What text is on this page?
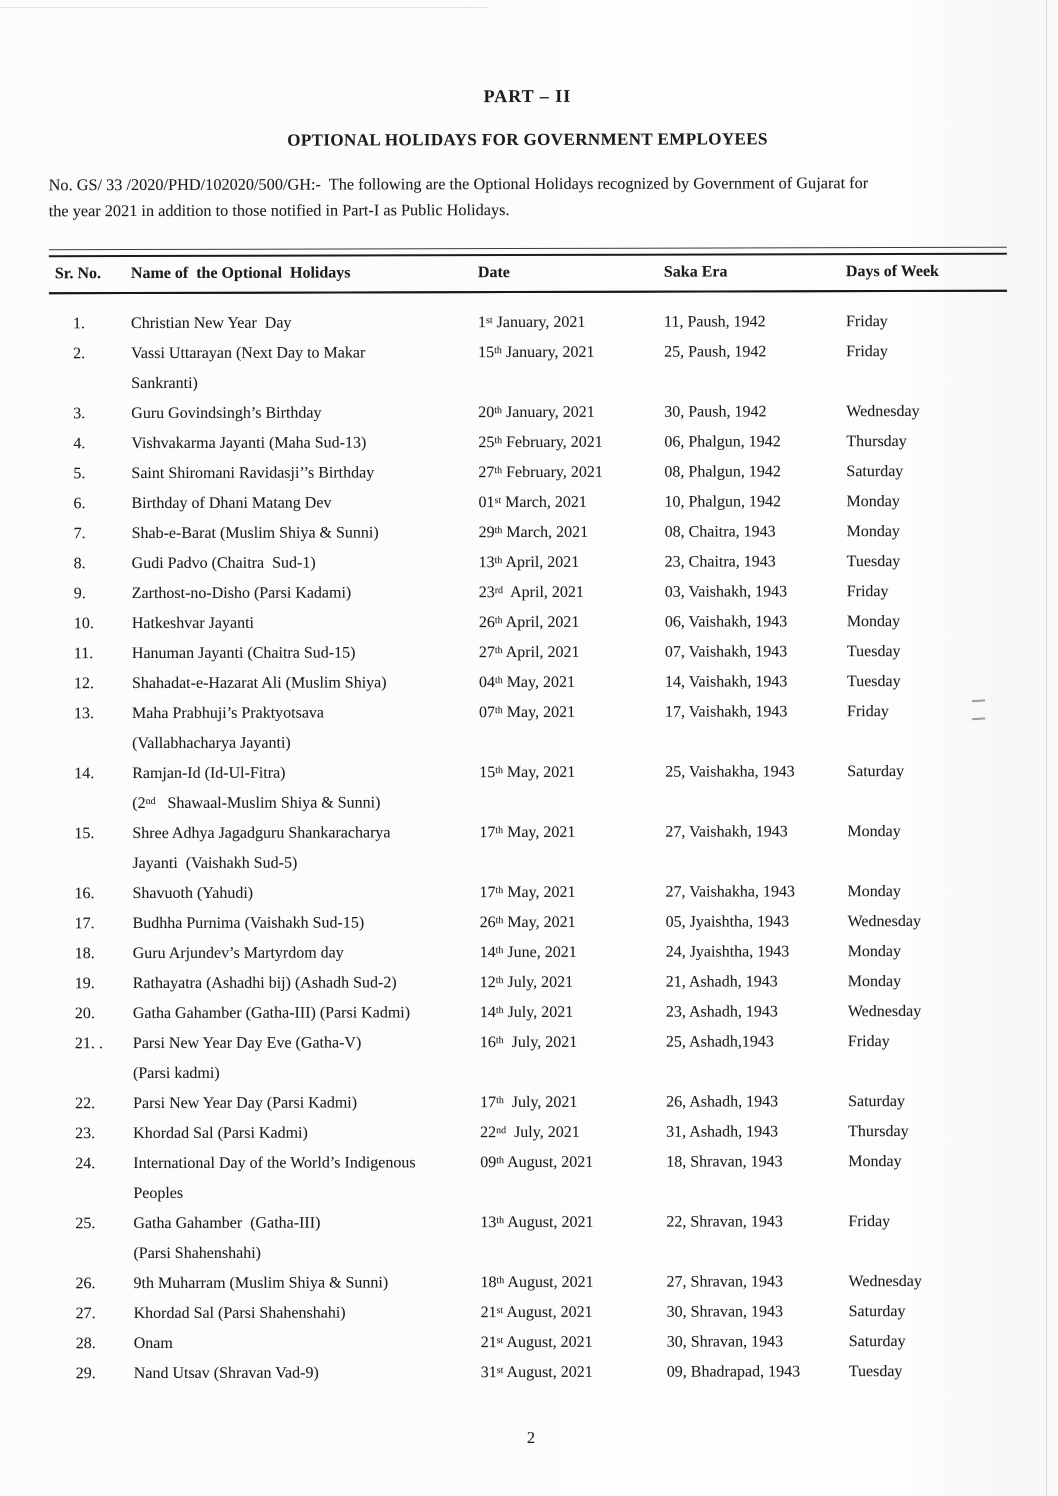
PART – II
OPTIONAL HOLIDAYS FOR GOVERNMENT EMPLOYEES

No. GS/ 33 /2020/PHD/102020/500/GH:-  The following are the Optional Holidays recognized by Government of Gujarat for
the year 2021 in addition to those notified in Part-I as Public Holidays.

Sr. No.	Name of  the Optional  Holidays	Date	Saka Era	Days of Week
1.	Christian New Year  Day	1st January, 2021	11, Paush, 1942	Friday
2.	Vassi Uttarayan (Next Day to Makar
Sankranti)	15th January, 2021	25, Paush, 1942	Friday
3.	Guru Govindsingh’s Birthday	20th January, 2021	30, Paush, 1942	Wednesday
4.	Vishvakarma Jayanti (Maha Sud-13)	25th February, 2021	06, Phalgun, 1942	Thursday
5.	Saint Shiromani Ravidasji’’s Birthday	27th February, 2021	08, Phalgun, 1942	Saturday
6.	Birthday of Dhani Matang Dev	01st March, 2021	10, Phalgun, 1942	Monday
7.	Shab-e-Barat (Muslim Shiya & Sunni)	29th March, 2021	08, Chaitra, 1943	Monday
8.	Gudi Padvo (Chaitra  Sud-1)	13th April, 2021	23, Chaitra, 1943	Tuesday
9.	Zarthost-no-Disho (Parsi Kadami)	23rd  April, 2021	03, Vaishakh, 1943	Friday
10.	Hatkeshvar Jayanti	26th April, 2021	06, Vaishakh, 1943	Monday
11.	Hanuman Jayanti (Chaitra Sud-15)	27th April, 2021	07, Vaishakh, 1943	Tuesday
12.	Shahadat-e-Hazarat Ali (Muslim Shiya)	04th May, 2021	14, Vaishakh, 1943	Tuesday
13.	Maha Prabhuji’s Praktyotsava
(Vallabhacharya Jayanti)	07th May, 2021	17, Vaishakh, 1943	Friday
14.	Ramjan-Id (Id-Ul-Fitra)
(2nd   Shawaal-Muslim Shiya & Sunni)	15th May, 2021	25, Vaishakha, 1943	Saturday
15.	Shree Adhya Jagadguru Shankaracharya
Jayanti  (Vaishakh Sud-5)	17th May, 2021	27, Vaishakh, 1943	Monday
16.	Shavuoth (Yahudi)	17th May, 2021	27, Vaishakha, 1943	Monday
17.	Budhha Purnima (Vaishakh Sud-15)	26th May, 2021	05, Jyaishtha, 1943	Wednesday
18.	Guru Arjundev’s Martyrdom day	14th June, 2021	24, Jyaishtha, 1943	Monday
19.	Rathayatra (Ashadhi bij) (Ashadh Sud-2)	12th July, 2021	21, Ashadh, 1943	Monday
20.	Gatha Gahamber (Gatha-III) (Parsi Kadmi)	14th July, 2021	23, Ashadh, 1943	Wednesday
21. .	Parsi New Year Day Eve (Gatha-V)
(Parsi kadmi)	16th  July, 2021	25, Ashadh,1943	Friday
22.	Parsi New Year Day (Parsi Kadmi)	17th  July, 2021	26, Ashadh, 1943	Saturday
23.	Khordad Sal (Parsi Kadmi)	22nd  July, 2021	31, Ashadh, 1943	Thursday
24.	International Day of the World’s Indigenous
Peoples	09th August, 2021	18, Shravan, 1943	Monday
25.	Gatha Gahamber  (Gatha-III)
(Parsi Shahenshahi)	13th August, 2021	22, Shravan, 1943	Friday
26.	9th Muharram (Muslim Shiya & Sunni)	18th August, 2021	27, Shravan, 1943	Wednesday
27.	Khordad Sal (Parsi Shahenshahi)	21st August, 2021	30, Shravan, 1943	Saturday
28.	Onam	21st August, 2021	30, Shravan, 1943	Saturday
29.	Nand Utsav (Shravan Vad-9)	31st August, 2021	09, Bhadrapad, 1943	Tuesday
2
